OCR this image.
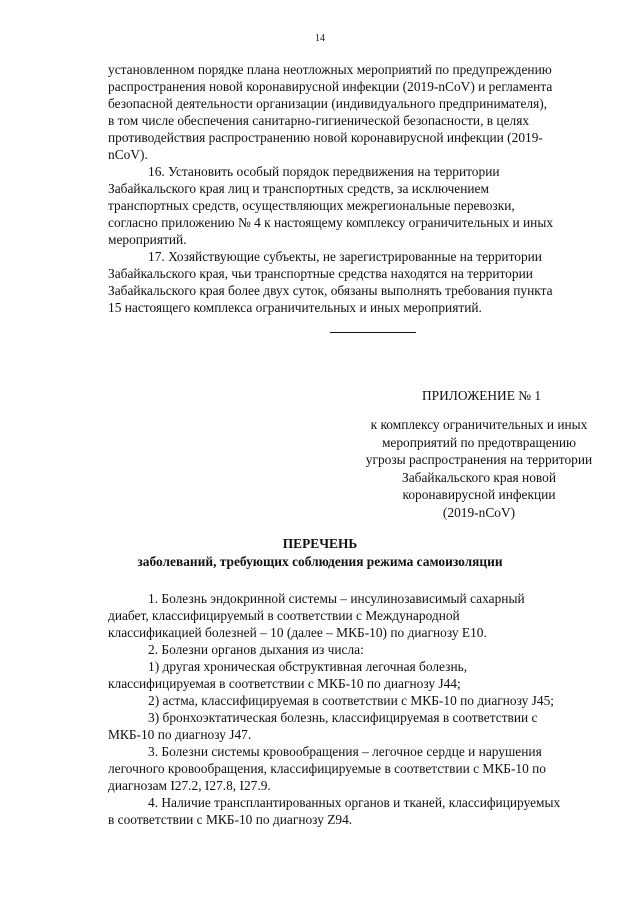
14

установленном порядке плана неотложных мероприятий по предупреждению

распространения новой коронавирусной инфекции (2019-nCoV) и регламента

безопасной деятельности организации (индивидуального предпринимателя),

в том числе обеспечения санитарно-гигиенической безопасности, в целях

противодействия распространению новой коронавирусной инфекции (2019-

nCoV).

16. Установить особый порядок передвижения на территории

Забайкальского края лиц и транспортных средств, за исключением

транспортных средств, осуществляющих межрегиональные перевозки,

согласно приложению № 4 к настоящему комплексу ограничительных и иных

мероприятий.

17. Хозяйствующие субъекты, не зарегистрированные на территории

Забайкальского края, чьи транспортные средства находятся на территории

Забайкальского края более двух суток, обязаны выполнять требования пункта

15 настоящего комплекса ограничительных и иных мероприятий.

ПРИЛОЖЕНИЕ № 1
к комплексу ограничительных и иных
мероприятий по предотвращению
угрозы распространения на территории
Забайкальского края новой
коронавирусной инфекции
(2019-nCoV)
ПЕРЕЧЕНЬ
заболеваний, требующих соблюдения режима самоизоляции

1. Болезнь эндокринной системы – инсулинозависимый сахарный

диабет, классифицируемый в соответствии с Международной

классификацией болезней – 10 (далее – МКБ-10) по диагнозу E10.

2. Болезни органов дыхания из числа:

1) другая хроническая обструктивная легочная болезнь,

классифицируемая в соответствии с МКБ-10 по диагнозу J44;

2) астма, классифицируемая в соответствии с МКБ-10 по диагнозу J45;

3) бронхоэктатическая болезнь, классифицируемая в соответствии с

МКБ-10 по диагнозу J47.

3. Болезни системы кровообращения – легочное сердце и нарушения

легочного кровообращения, классифицируемые в соответствии с МКБ-10 по

диагнозам I27.2, I27.8, I27.9.

4. Наличие трансплантированных органов и тканей, классифицируемых

в соответствии с МКБ-10 по диагнозу Z94.
